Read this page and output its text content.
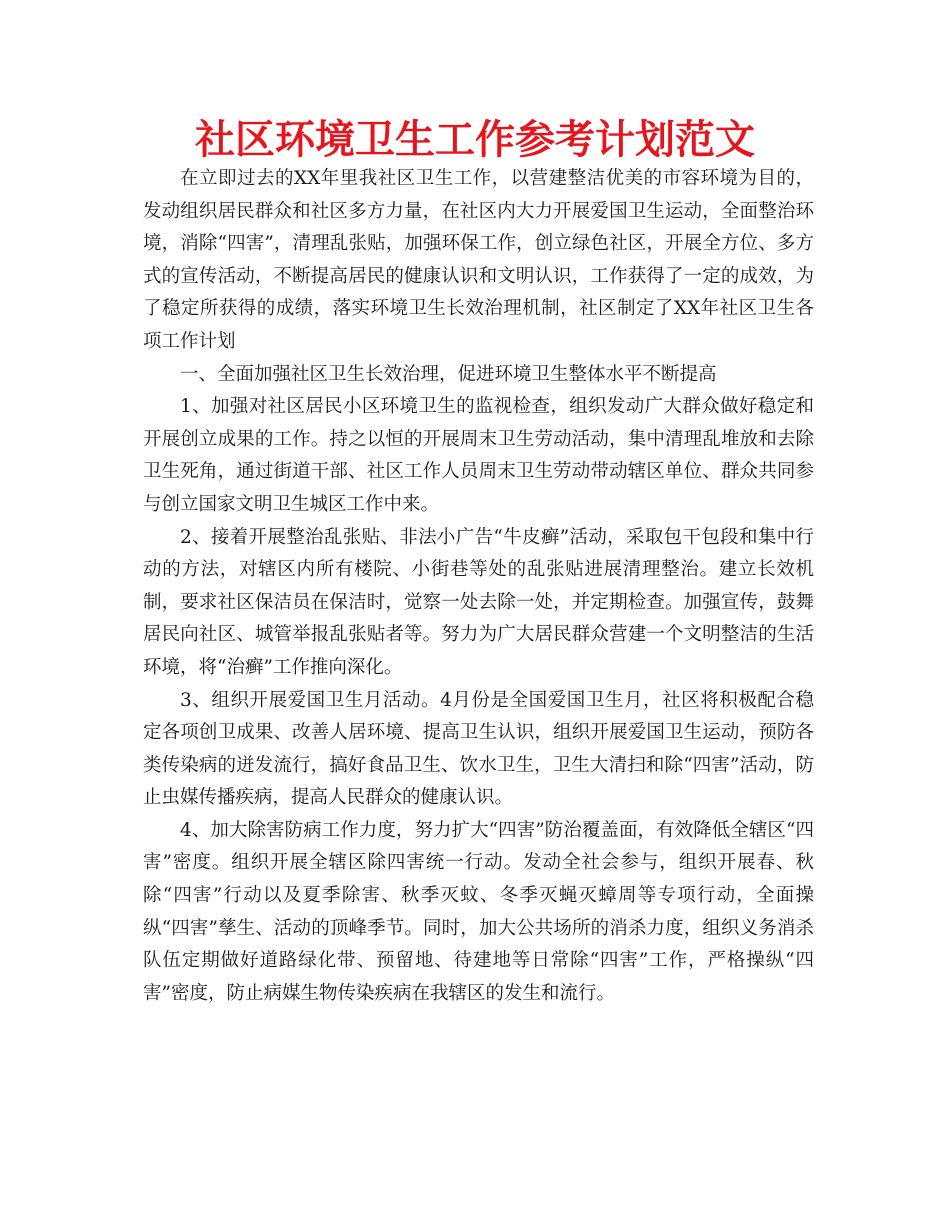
社区环境卫生工作参考计划范文

在立即过去的XX年里我社区卫生工作，以营建整洁优美的市容环境为目的，发动组织居民群众和社区多方力量，在社区内大力开展爱国卫生运动，全面整治环境，消除“四害”，清理乱张贴，加强环保工作，创立绿色社区，开展全方位、多方式的宣传活动，不断提高居民的健康认识和文明认识，工作获得了一定的成效，为了稳定所获得的成绩，落实环境卫生长效治理机制，社区制定了XX年社区卫生各项工作计划

一、全面加强社区卫生长效治理，促进环境卫生整体水平不断提高

1、加强对社区居民小区环境卫生的监视检查，组织发动广大群众做好稳定和开展创立成果的工作。持之以恒的开展周末卫生劳动活动，集中清理乱堆放和去除卫生死角，通过街道干部、社区工作人员周末卫生劳动带动辖区单位、群众共同参与创立国家文明卫生城区工作中来。

2、接着开展整治乱张贴、非法小广告“牛皮癣”活动，采取包干包段和集中行动的方法，对辖区内所有楼院、小街巷等处的乱张贴进展清理整治。建立长效机制，要求社区保洁员在保洁时，觉察一处去除一处，并定期检查。加强宣传，鼓舞居民向社区、城管举报乱张贴者等。努力为广大居民群众营建一个文明整洁的生活环境，将“治癣”工作推向深化。

3、组织开展爱国卫生月活动。4月份是全国爱国卫生月，社区将积极配合稳定各项创卫成果、改善人居环境、提高卫生认识，组织开展爱国卫生运动，预防各类传染病的迸发流行，搞好食品卫生、饮水卫生，卫生大清扫和除“四害”活动，防止虫媒传播疾病，提高人民群众的健康认识。

4、加大除害防病工作力度，努力扩大“四害”防治覆盖面，有效降低全辖区“四害”密度。组织开展全辖区除四害统一行动。发动全社会参与，组织开展春、秋除“四害”行动以及夏季除害、秋季灭蚊、冬季灭蝇灭蟑周等专项行动，全面操纵“四害”孳生、活动的顶峰季节。同时，加大公共场所的消杀力度，组织义务消杀队伍定期做好道路绿化带、预留地、待建地等日常除“四害”工作，严格操纵“四害”密度，防止病媒生物传染疾病在我辖区的发生和流行。
